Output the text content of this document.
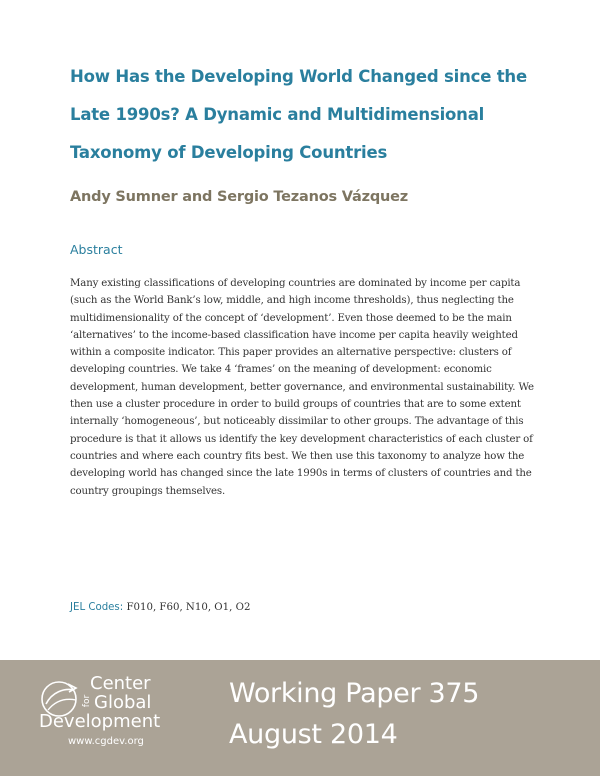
How Has the Developing World Changed since the Late 1990s? A Dynamic and Multidimensional Taxonomy of Developing Countries

Andy Sumner and Sergio Tezanos Vázquez

Abstract

Many existing classifications of developing countries are dominated by income per capita (such as the World Bank’s low, middle, and high income thresholds), thus neglecting the multidimensionality of the concept of ‘development’. Even those deemed to be the main ‘alternatives’ to the income-based classification have income per capita heavily weighted within a composite indicator. This paper provides an alternative perspective: clusters of developing countries. We take 4 ‘frames’ on the meaning of development: economic development, human development, better governance, and environmental sustainability. We then use a cluster procedure in order to build groups of countries that are to some extent internally ‘homogeneous’, but noticeably dissimilar to other groups. The advantage of this procedure is that it allows us identify the key development characteristics of each cluster of countries and where each country fits best. We then use this taxonomy to analyze how the developing world has changed since the late 1990s in terms of clusters of countries and the country groupings themselves.

JEL Codes: F010, F60, N10, O1, O2

Center
for Global
Development
www.cgdev.org

Working Paper 375

August 2014
